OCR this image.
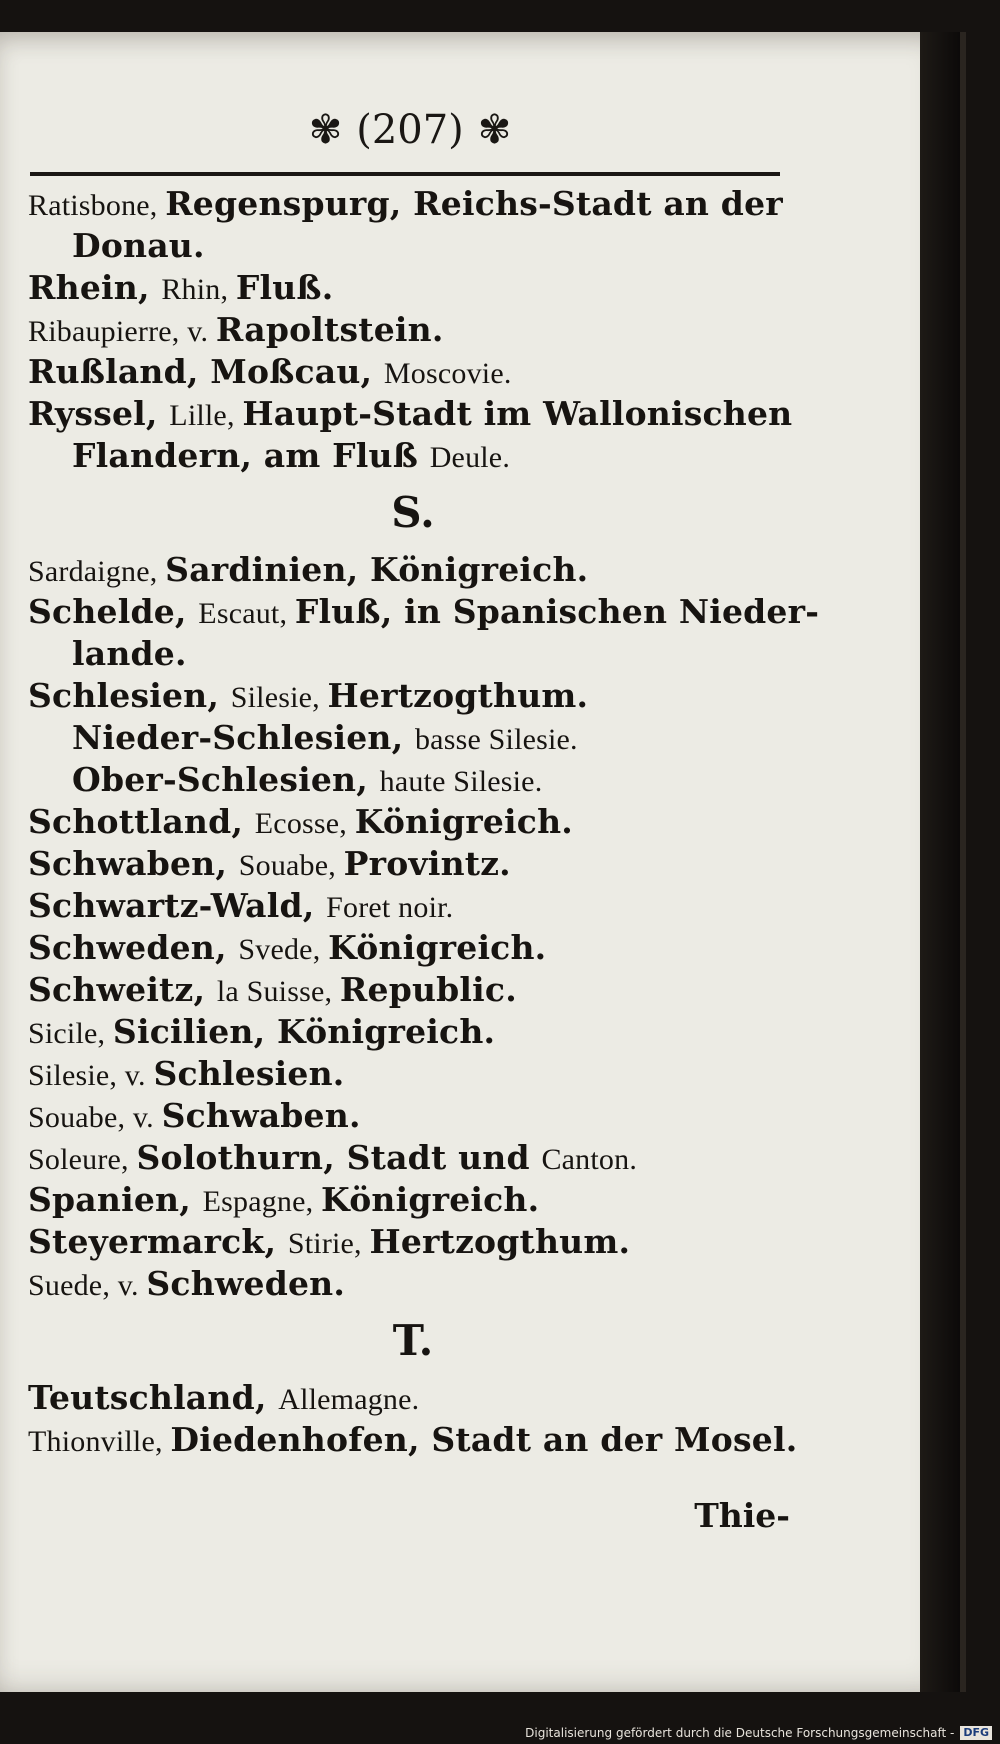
✾ (207) ✾
Ratisbone, Regenspurg, Reichs-Stadt an der
Donau.
Rhein, Rhin, Fluß.
Ribaupierre, v. Rapoltstein.
Rußland, Moßcau, Moscovie.
Ryssel, Lille, Haupt-Stadt im Wallonischen
Flandern, am Fluß Deule.
S.
Sardaigne, Sardinien, Königreich.
Schelde, Escaut, Fluß, in Spanischen Nieder-
lande.
Schlesien, Silesie, Hertzogthum.
Nieder-Schlesien, basse Silesie.
Ober-Schlesien, haute Silesie.
Schottland, Ecosse, Königreich.
Schwaben, Souabe, Provintz.
Schwartz-Wald, Foret noir.
Schweden, Svede, Königreich.
Schweitz, la Suisse, Republic.
Sicile, Sicilien, Königreich.
Silesie, v. Schlesien.
Souabe, v. Schwaben.
Soleure, Solothurn, Stadt und Canton.
Spanien, Espagne, Königreich.
Steyermarck, Stirie, Hertzogthum.
Suede, v. Schweden.
T.
Teutschland, Allemagne.
Thionville, Diedenhofen, Stadt an der Mosel.
Thie-
Digitalisierung gefördert durch die Deutsche Forschungsgemeinschaft - DFG
